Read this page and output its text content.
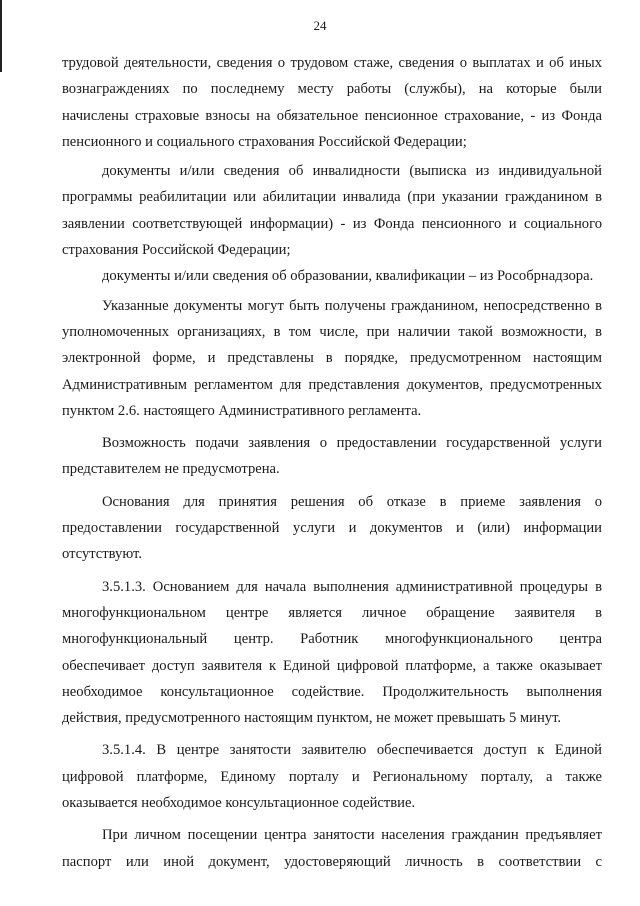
24
трудовой деятельности, сведения о трудовом стаже, сведения о выплатах и об иных
вознаграждениях по последнему месту работы (службы), на которые были
начислены страховые взносы на обязательное пенсионное страхование, - из Фонда
пенсионного и социального страхования Российской Федерации;
документы и/или сведения об инвалидности (выписка из индивидуальной
программы реабилитации или абилитации инвалида (при указании гражданином в
заявлении соответствующей информации) - из Фонда пенсионного и социального
страхования Российской Федерации;
документы и/или сведения об образовании, квалификации – из Рособрнадзора.
Указанные документы могут быть получены гражданином, непосредственно в
уполномоченных организациях, в том числе, при наличии такой возможности, в
электронной форме, и представлены в порядке, предусмотренном настоящим
Административным регламентом для представления документов, предусмотренных
пунктом 2.6. настоящего Административного регламента.
Возможность подачи заявления о предоставлении государственной услуги
представителем не предусмотрена.
Основания для принятия решения об отказе в приеме заявления о
предоставлении государственной услуги и документов и (или) информации
отсутствуют.
3.5.1.3. Основанием для начала выполнения административной процедуры в
многофункциональном центре является личное обращение заявителя в
многофункциональный центр. Работник многофункционального центра
обеспечивает доступ заявителя к Единой цифровой платформе, а также оказывает
необходимое консультационное содействие. Продолжительность выполнения
действия, предусмотренного настоящим пунктом, не может превышать 5 минут.
3.5.1.4. В центре занятости заявителю обеспечивается доступ к Единой
цифровой платформе, Единому порталу и Региональному порталу, а также
оказывается необходимое консультационное содействие.
При личном посещении центра занятости населения гражданин предъявляет
паспорт или иной документ, удостоверяющий личность в соответствии с
